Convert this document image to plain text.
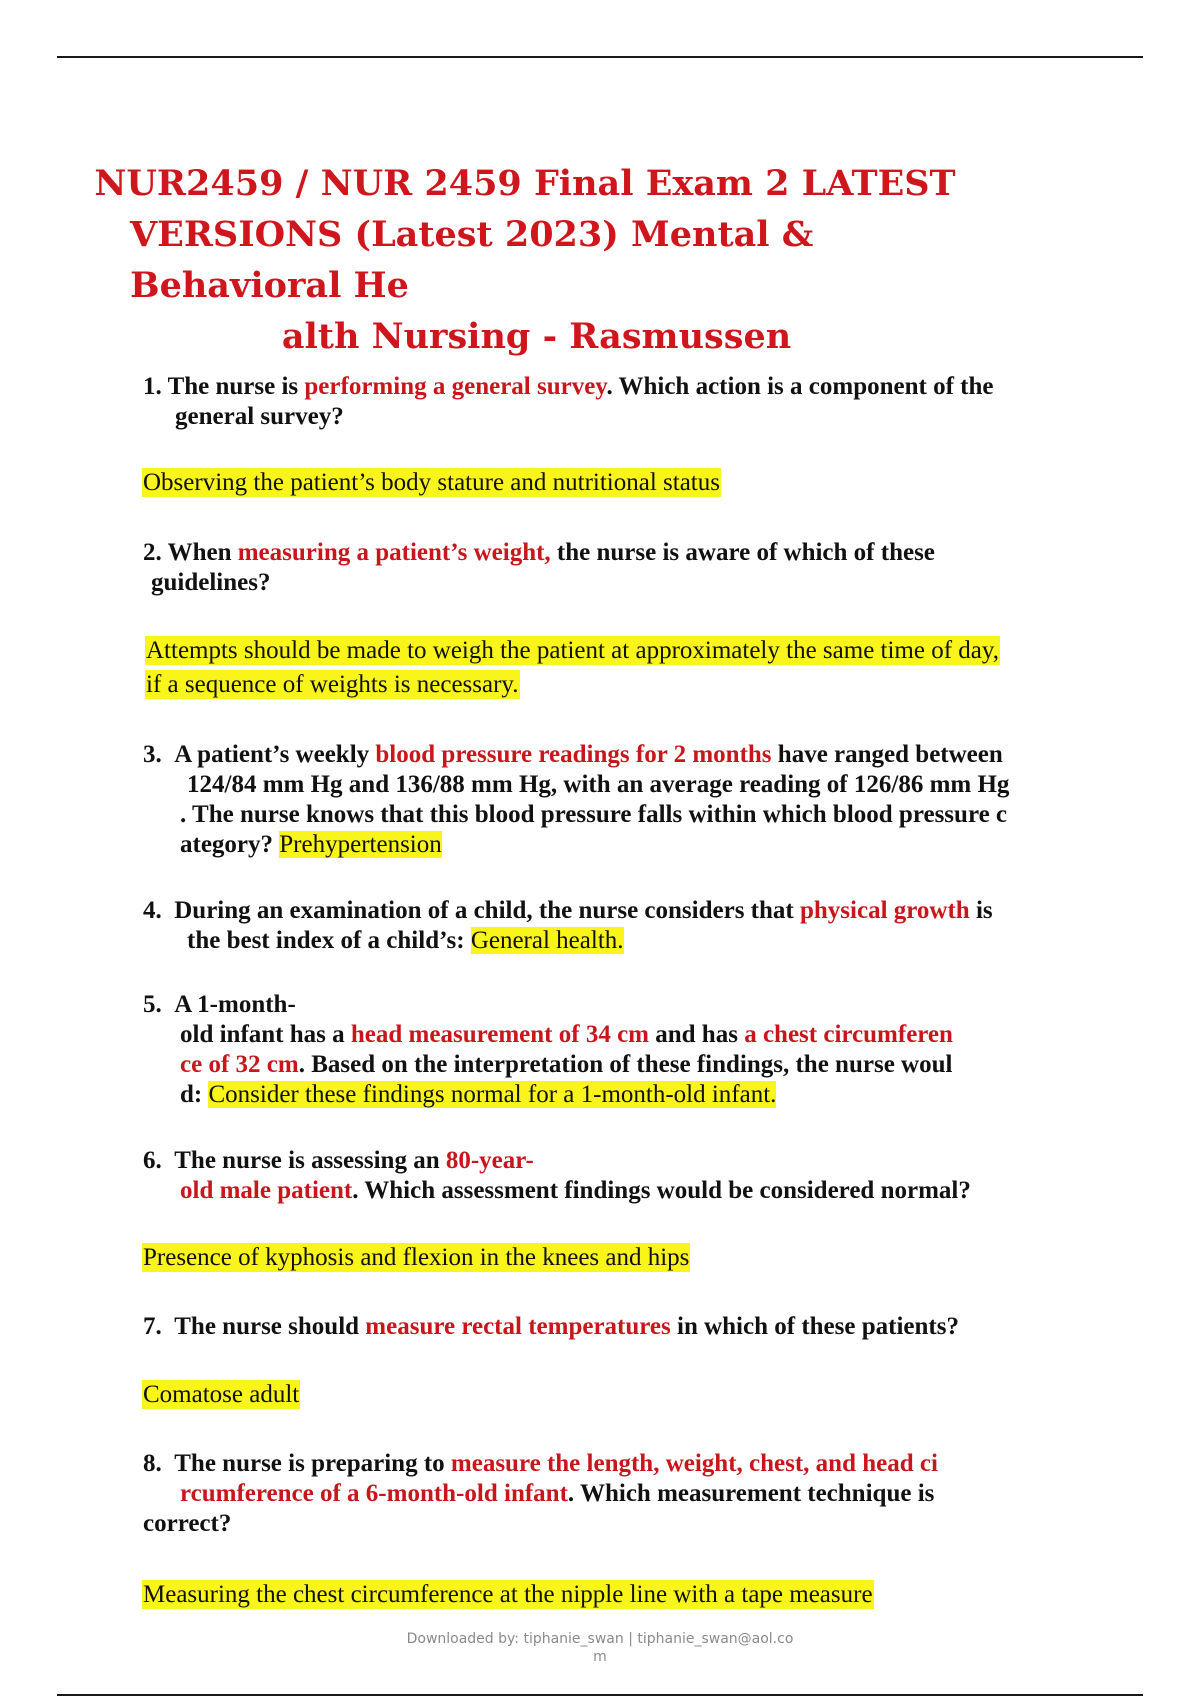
NUR2459 / NUR 2459 Final Exam 2 LATEST
VERSIONS (Latest 2023) Mental & Behavioral He
alth Nursing - Rasmussen
1. The nurse is performing a general survey. Which action is a component of the
general survey?
Observing the patient’s body stature and nutritional status
2. When measuring a patient’s weight, the nurse is aware of which of these
guidelines?
Attempts should be made to weigh the patient at approximately the same time of day,
if a sequence of weights is necessary.
3. A patient’s weekly blood pressure readings for 2 months have ranged between
124/84 mm Hg and 136/88 mm Hg, with an average reading of 126/86 mm Hg
. The nurse knows that this blood pressure falls within which blood pressure c
ategory? Prehypertension
4. During an examination of a child, the nurse considers that physical growth is
the best index of a child’s: General health.
5. A 1-month-
old infant has a head measurement of 34 cm and has a chest circumferen
ce of 32 cm. Based on the interpretation of these findings, the nurse woul
d: Consider these findings normal for a 1-month-old infant.
6. The nurse is assessing an 80-year-
old male patient. Which assessment findings would be considered normal?
Presence of kyphosis and flexion in the knees and hips
7. The nurse should measure rectal temperatures in which of these patients?
Comatose adult
8. The nurse is preparing to measure the length, weight, chest, and head ci
rcumference of a 6-month-old infant. Which measurement technique is
correct?
Measuring the chest circumference at the nipple line with a tape measure
Downloaded by: tiphanie_swan | tiphanie_swan@aol.co
m
